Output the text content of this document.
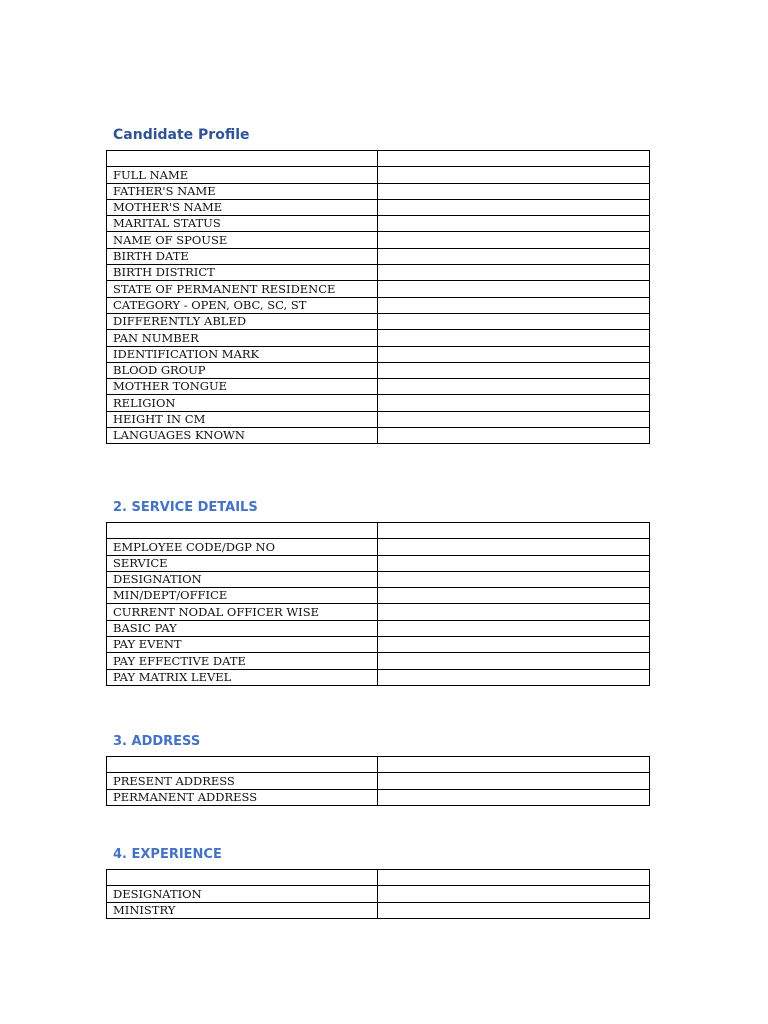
Candidate Profile

FULL NAME	
FATHER'S NAME	
MOTHER'S NAME	
MARITAL STATUS	
NAME OF SPOUSE	
BIRTH DATE	
BIRTH DISTRICT	
STATE OF PERMANENT RESIDENCE	
CATEGORY - OPEN, OBC, SC, ST	
DIFFERENTLY ABLED	
PAN NUMBER	
IDENTIFICATION MARK	
BLOOD GROUP	
MOTHER TONGUE	
RELIGION	
HEIGHT IN CM	
LANGUAGES KNOWN	
2. SERVICE DETAILS

EMPLOYEE CODE/DGP NO	
SERVICE	
DESIGNATION	
MIN/DEPT/OFFICE	
CURRENT NODAL OFFICER WISE	
BASIC PAY	
PAY EVENT	
PAY EFFECTIVE DATE	
PAY MATRIX LEVEL	
3. ADDRESS

PRESENT ADDRESS	
PERMANENT ADDRESS	
4. EXPERIENCE

DESIGNATION	
MINISTRY	
